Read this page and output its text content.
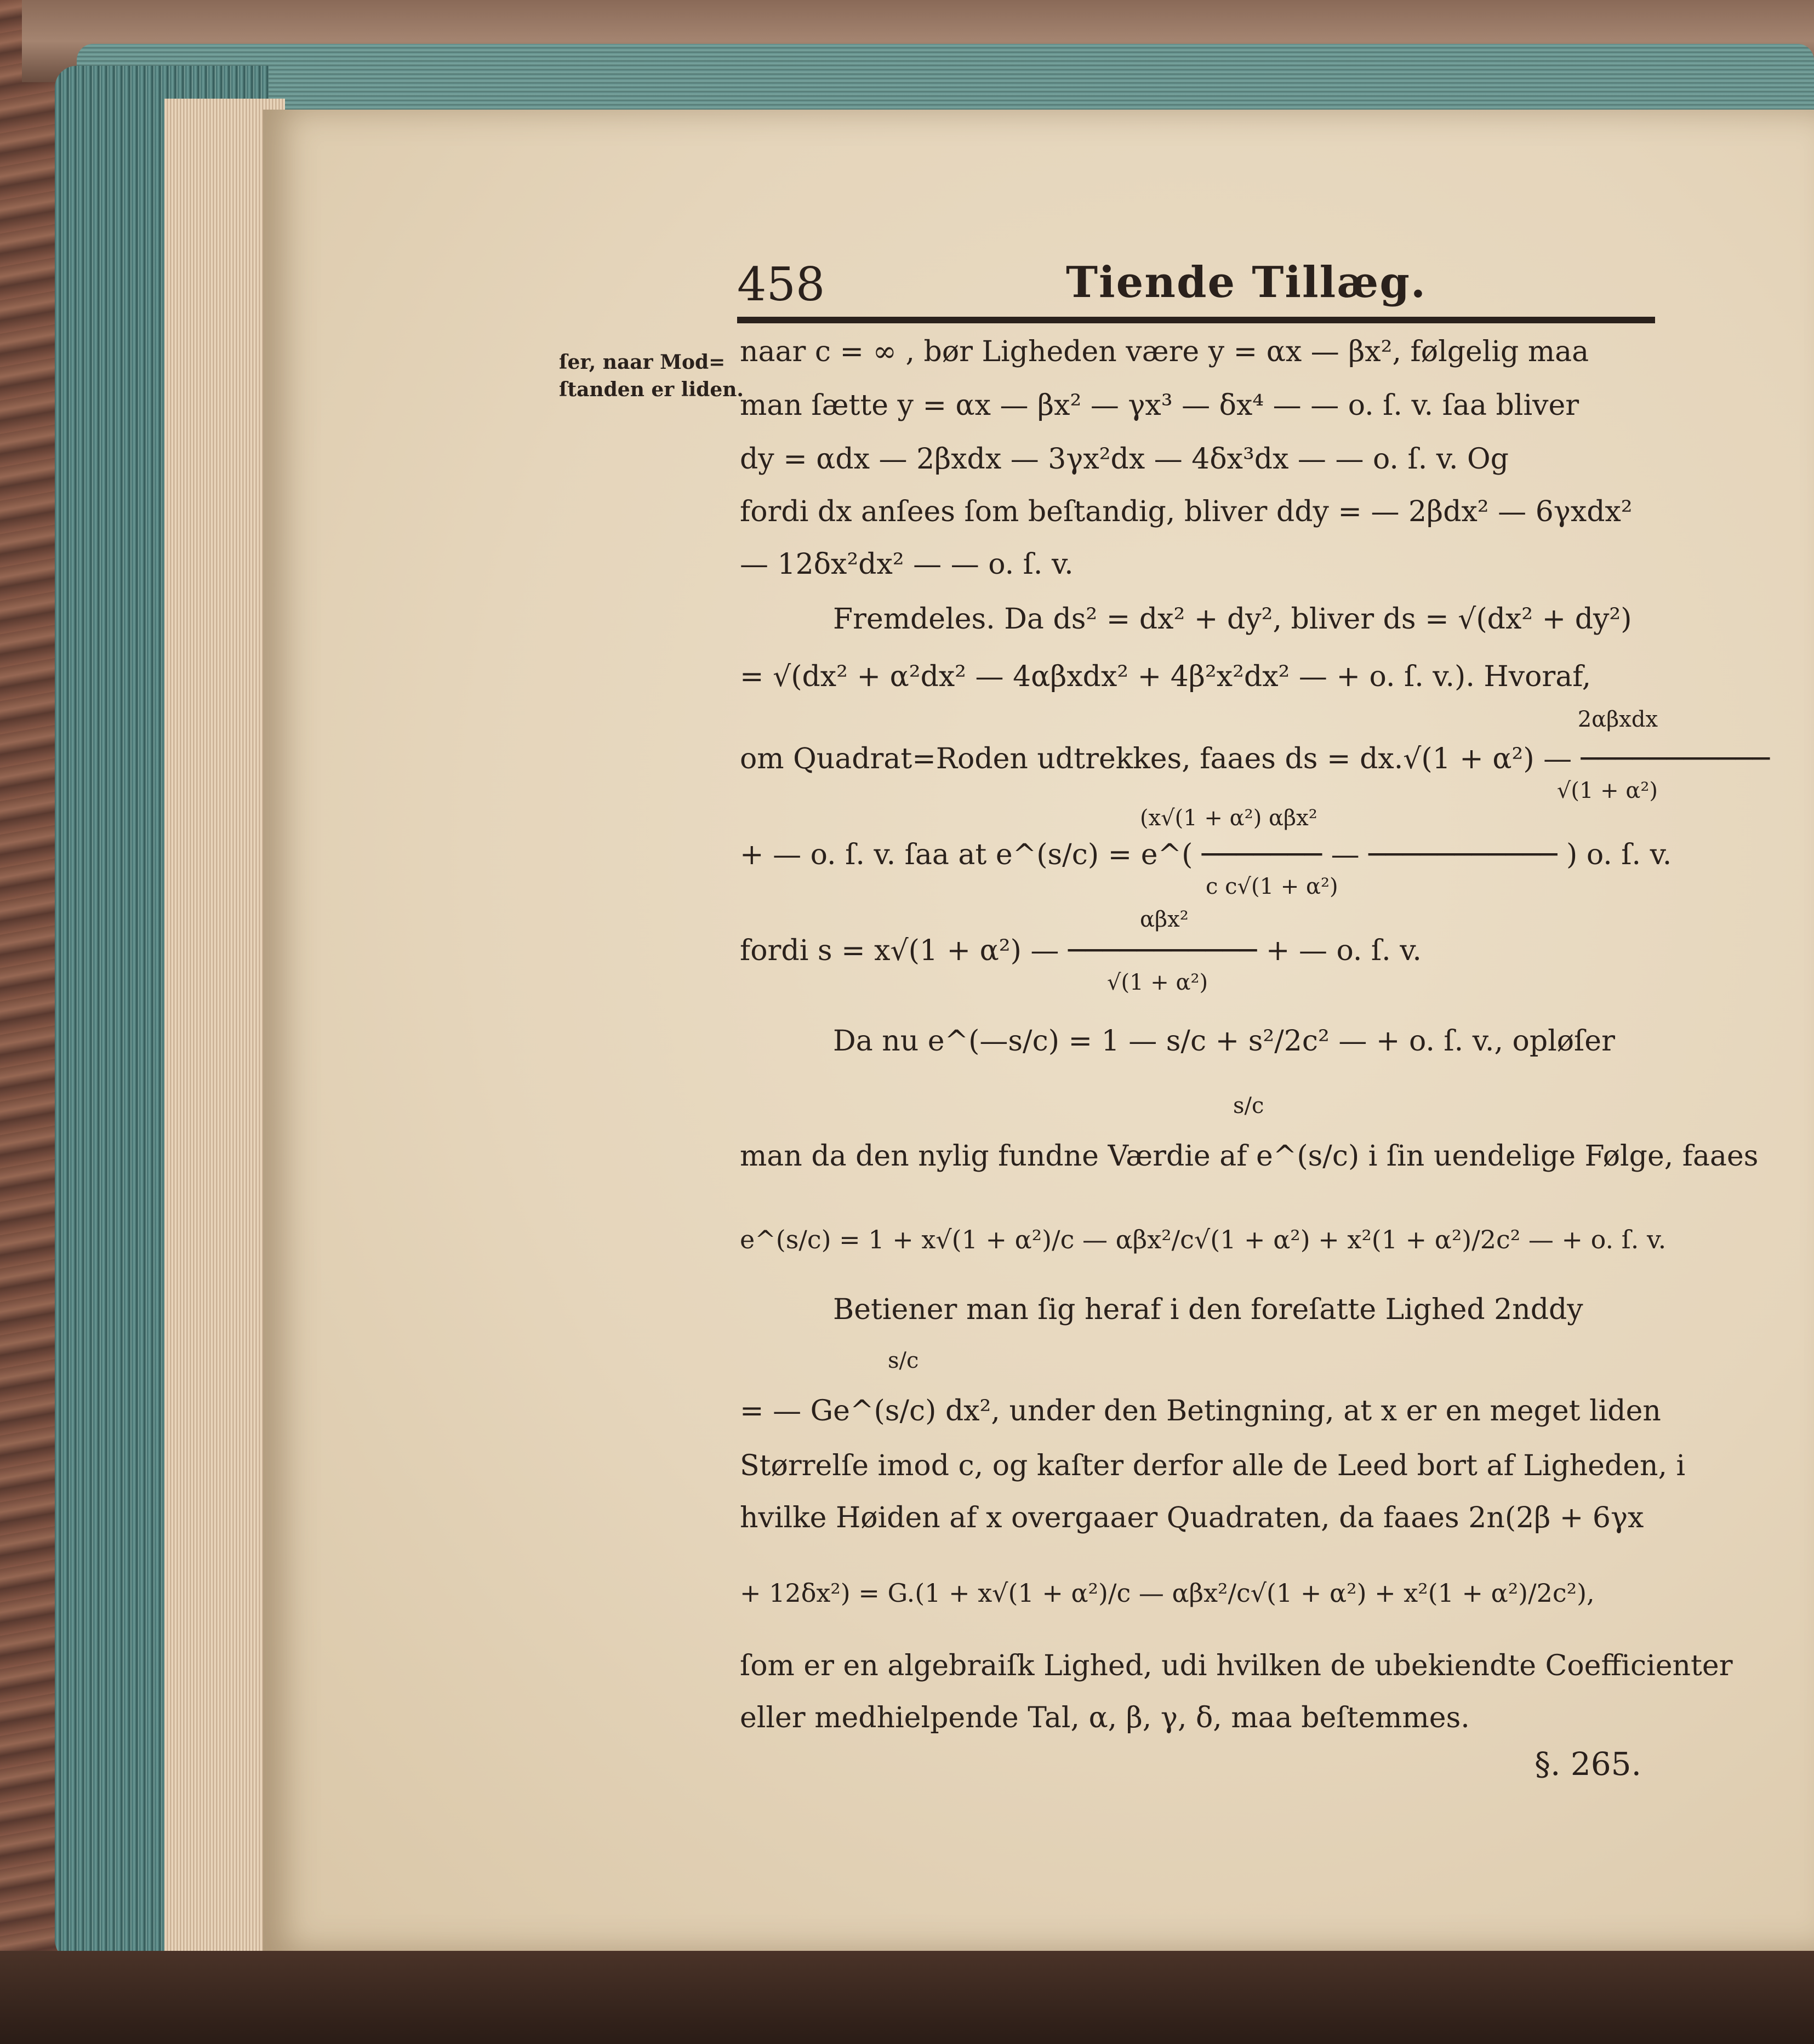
458	Tiende Tillæg.
ſer, naar Mod=
ſtanden er liden.
naar c = ∞ , bør Ligheden være y = αx — βx², følgelig maa
man ſætte y = αx — βx² — γx³ — δx⁴ — — o. ſ. v. ſaa bliver
dy = αdx — 2βxdx — 3γx²dx — 4δx³dx — — o. ſ. v. Og
fordi dx anſees ſom beſtandig, bliver ddy = — 2βdx² — 6γxdx²
— 12δx²dx² — — o. ſ. v.
Fremdeles. Da ds² = dx² + dy², bliver ds = √(dx² + dy²)
= √(dx² + α²dx² — 4αβxdx² + 4β²x²dx² — + o. ſ. v.). Hvoraf,
2αβxdx
om Quadrat=Roden udtrekkes, faaes ds = dx.√(1 + α²) — ───────────
√(1 + α²)
(x√(1 + α²) αβx²
+ — o. ſ. v. ſaa at e^(s/c) = e^( ─────── — ─────────── ) o. ſ. v.
c c√(1 + α²)
αβx²
fordi s = x√(1 + α²) — ─────────── + — o. ſ. v.
√(1 + α²)
Da nu e^(—s/c) = 1 — s/c + s²/2c² — + o. ſ. v., opløſer
s/c
man da den nylig fundne Værdie af e^(s/c) i ſin uendelige Følge, faaes
e^(s/c) = 1 + x√(1 + α²)/c — αβx²/c√(1 + α²) + x²(1 + α²)/2c² — + o. ſ. v.
Betiener man ſig heraf i den foreſatte Lighed 2nddy
s/c
= — Ge^(s/c) dx², under den Betingning, at x er en meget liden
Størrelſe imod c, og kaſter derfor alle de Leed bort af Ligheden, i
hvilke Høiden af x overgaaer Quadraten, da faaes 2n(2β + 6γx
+ 12δx²) = G.(1 + x√(1 + α²)/c — αβx²/c√(1 + α²) + x²(1 + α²)/2c²),
ſom er en algebraiſk Lighed, udi hvilken de ubekiendte Coefficienter
eller medhielpende Tal, α, β, γ, δ, maa beſtemmes.
§. 265.
